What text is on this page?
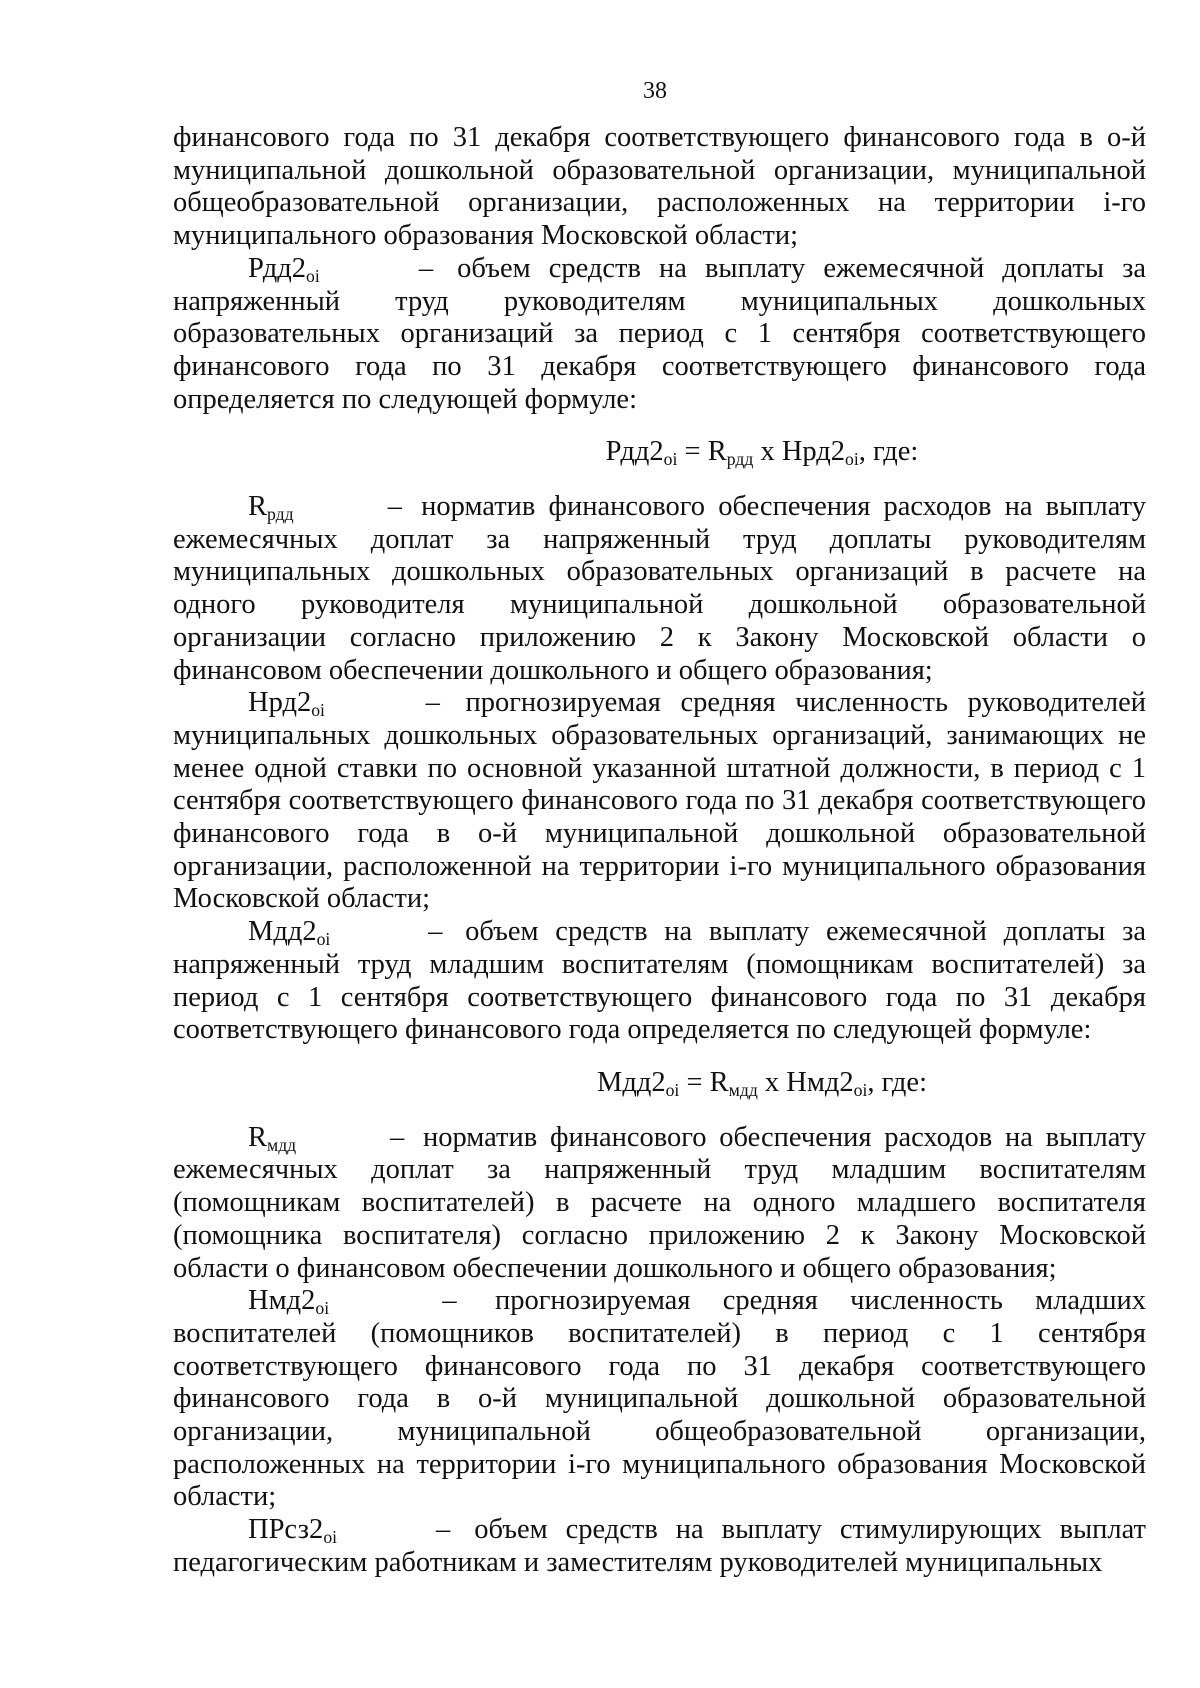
38

финансового года по 31 декабря соответствующего финансового года в о-й муниципальной дошкольной образовательной организации, муниципальной общеобразовательной организации, расположенных на территории i-го муниципального образования Московской области;

$Рдд2_{oi}$	– объем средств на выплату ежемесячной доплаты за напряженный труд руководителям муниципальных дошкольных образовательных организаций за период с 1 сентября соответствующего финансового года по 31 декабря соответствующего финансового года определяется по следующей формуле:

$Рдд2_{oi} = R_{рдд}$ x $Нрд2_{oi}$, где:

$R_{рдд}$	– норматив финансового обеспечения расходов на выплату ежемесячных доплат за напряженный труд доплаты руководителям муниципальных дошкольных образовательных организаций в расчете на одного руководителя муниципальной дошкольной образовательной организации согласно приложению 2 к Закону Московской области о финансовом обеспечении дошкольного и общего образования;

$Нрд2_{oi}$	– прогнозируемая средняя численность руководителей муниципальных дошкольных образовательных организаций, занимающих не менее одной ставки по основной указанной штатной должности, в период с 1 сентября соответствующего финансового года по 31 декабря соответствующего финансового года в о-й муниципальной дошкольной образовательной организации, расположенной на территории i-го муниципального образования Московской области;

$Мдд2_{oi}$	– объем средств на выплату ежемесячной доплаты за напряженный труд младшим воспитателям (помощникам воспитателей) за период с 1 сентября соответствующего финансового года по 31 декабря соответствующего финансового года определяется по следующей формуле:

$Мдд2_{oi} = R_{мдд}$ x $Нмд2_{oi}$, где:

$R_{мдд}$	– норматив финансового обеспечения расходов на выплату ежемесячных доплат за напряженный труд младшим воспитателям (помощникам воспитателей) в расчете на одного младшего воспитателя (помощника воспитателя) согласно приложению 2 к Закону Московской области о финансовом обеспечении дошкольного и общего образования;

$Нмд2_{oi}$	– прогнозируемая средняя численность младших воспитателей (помощников воспитателей) в период с 1 сентября соответствующего финансового года по 31 декабря соответствующего финансового года в о-й муниципальной дошкольной образовательной организации, муниципальной общеобразовательной организации, расположенных на территории i-го муниципального образования Московской области;

$ПРсз2_{oi}$	– объем средств на выплату стимулирующих выплат педагогическим работникам и заместителям руководителей муниципальных
